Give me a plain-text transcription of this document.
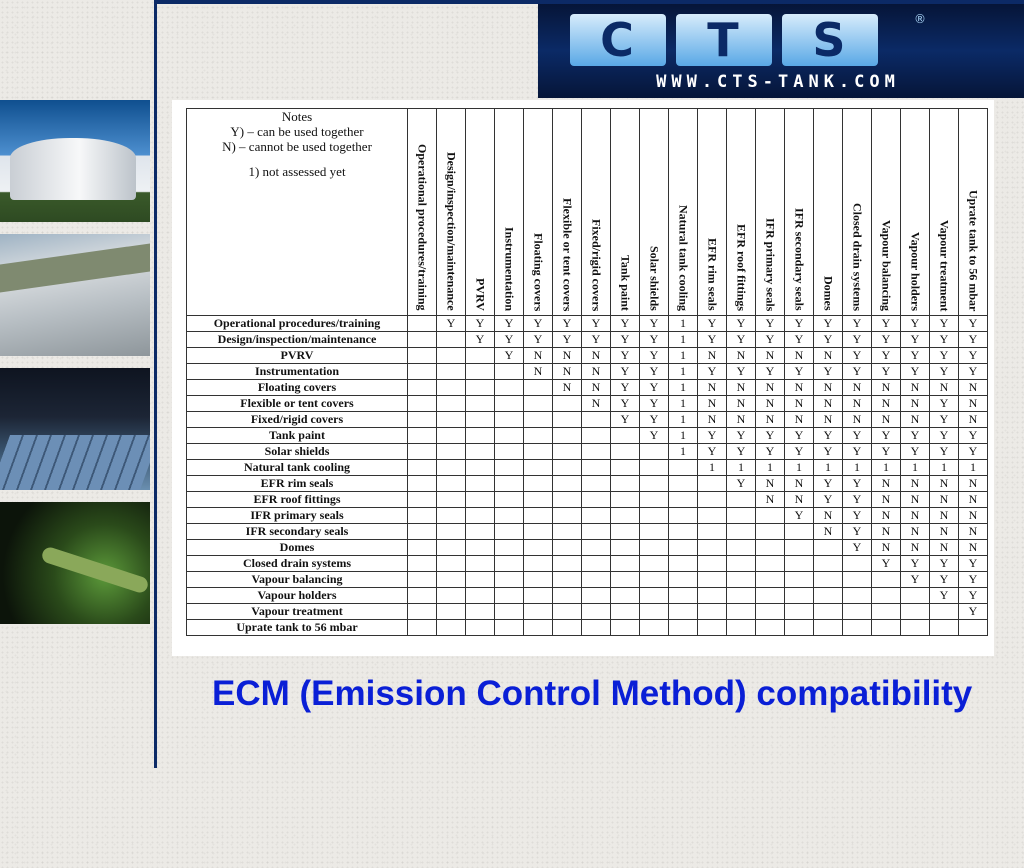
C	T	S	®
WWW.CTS-TANK.COM
Notes
Y) – can be used together
N) – cannot be used together
1) not assessed yet	Operational procedures/training	Design/inspection/maintenance	PVRV	Instrumentation	Floating covers	Flexible or tent covers	Fixed/rigid covers	Tank paint	Solar shields	Natural tank cooling	EFR rim seals	EFR roof fittings	IFR primary seals	IFR secondary seals	Domes	Closed drain systems	Vapour balancing	Vapour holders	Vapour treatment	Uprate tank to 56 mbar

Operational procedures/training		Y	Y	Y	Y	Y	Y	Y	Y	1	Y	Y	Y	Y	Y	Y	Y	Y	Y	Y
Design/inspection/maintenance			Y	Y	Y	Y	Y	Y	Y	1	Y	Y	Y	Y	Y	Y	Y	Y	Y	Y
PVRV				Y	N	N	N	Y	Y	1	N	N	N	N	N	Y	Y	Y	Y	Y
Instrumentation					N	N	N	Y	Y	1	Y	Y	Y	Y	Y	Y	Y	Y	Y	Y
Floating covers						N	N	Y	Y	1	N	N	N	N	N	N	N	N	N	N
Flexible or tent covers							N	Y	Y	1	N	N	N	N	N	N	N	N	Y	N
Fixed/rigid covers								Y	Y	1	N	N	N	N	N	N	N	N	Y	N
Tank paint									Y	1	Y	Y	Y	Y	Y	Y	Y	Y	Y	Y
Solar shields										1	Y	Y	Y	Y	Y	Y	Y	Y	Y	Y
Natural tank cooling											1	1	1	1	1	1	1	1	1	1
EFR rim seals												Y	N	N	Y	Y	N	N	N	N
EFR roof fittings													N	N	Y	Y	N	N	N	N
IFR primary seals														Y	N	Y	N	N	N	N
IFR secondary seals															N	Y	N	N	N	N
Domes																Y	N	N	N	N
Closed drain systems																	Y	Y	Y	Y
Vapour balancing																		Y	Y	Y
Vapour holders																			Y	Y
Vapour treatment																				Y
Uprate tank to 56 mbar																				
ECM (Emission Control Method) compatibility
